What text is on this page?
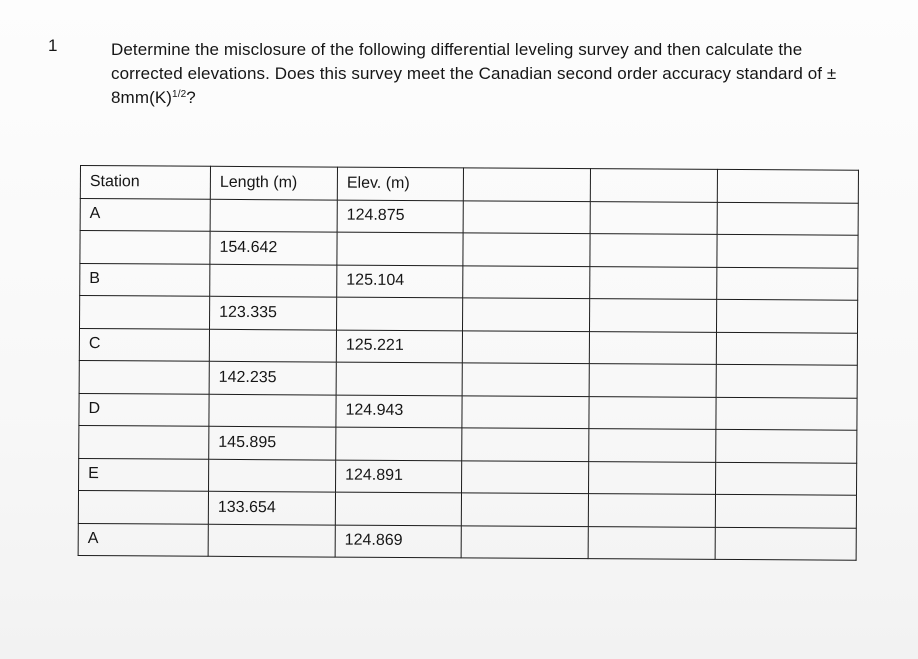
1	Determine the misclosure of the following differential leveling survey and then calculate the corrected elevations. Does this survey meet the Canadian second order accuracy standard of ± $8mm(K)^{1/2}$?
Station	Length (m)	Elev. (m)			
A		124.875			
	154.642				
B		125.104			
	123.335				
C		125.221			
	142.235				
D		124.943			
	145.895				
E		124.891			
	133.654				
A		124.869			
